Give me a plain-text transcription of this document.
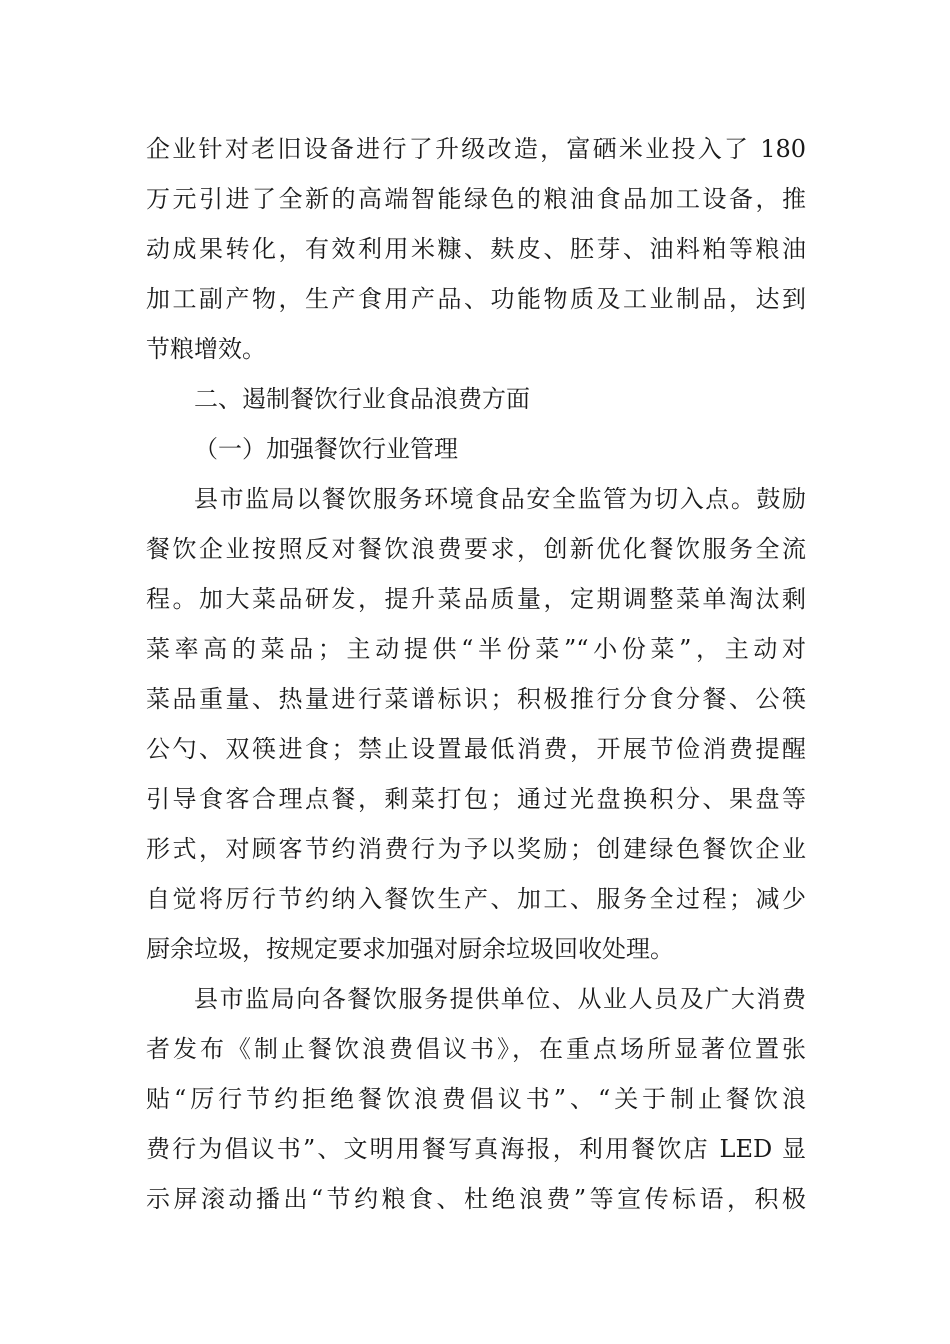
企业针对老旧设备进行了升级改造，富硒米业投入了 180
万元引进了全新的高端智能绿色的粮油食品加工设备，推
动成果转化，有效利用米糠、麸皮、胚芽、油料粕等粮油
加工副产物，生产食用产品、功能物质及工业制品，达到
节粮增效。
二、遏制餐饮行业食品浪费方面
（一）加强餐饮行业管理
县市监局以餐饮服务环境食品安全监管为切入点。鼓励
餐饮企业按照反对餐饮浪费要求，创新优化餐饮服务全流
程。加大菜品研发，提升菜品质量，定期调整菜单淘汰剩
菜率高的菜品；主动提供“半份菜”“小份菜”，主动对
菜品重量、热量进行菜谱标识；积极推行分食分餐、公筷
公勺、双筷进食；禁止设置最低消费，开展节俭消费提醒
引导食客合理点餐，剩菜打包；通过光盘换积分、果盘等
形式，对顾客节约消费行为予以奖励；创建绿色餐饮企业
自觉将厉行节约纳入餐饮生产、加工、服务全过程；减少
厨余垃圾，按规定要求加强对厨余垃圾回收处理。
县市监局向各餐饮服务提供单位、从业人员及广大消费
者发布《制止餐饮浪费倡议书》，在重点场所显著位置张
贴“厉行节约拒绝餐饮浪费倡议书”、“关于制止餐饮浪
费行为倡议书”、文明用餐写真海报，利用餐饮店 LED 显
示屏滚动播出“节约粮食、杜绝浪费”等宣传标语，积极
